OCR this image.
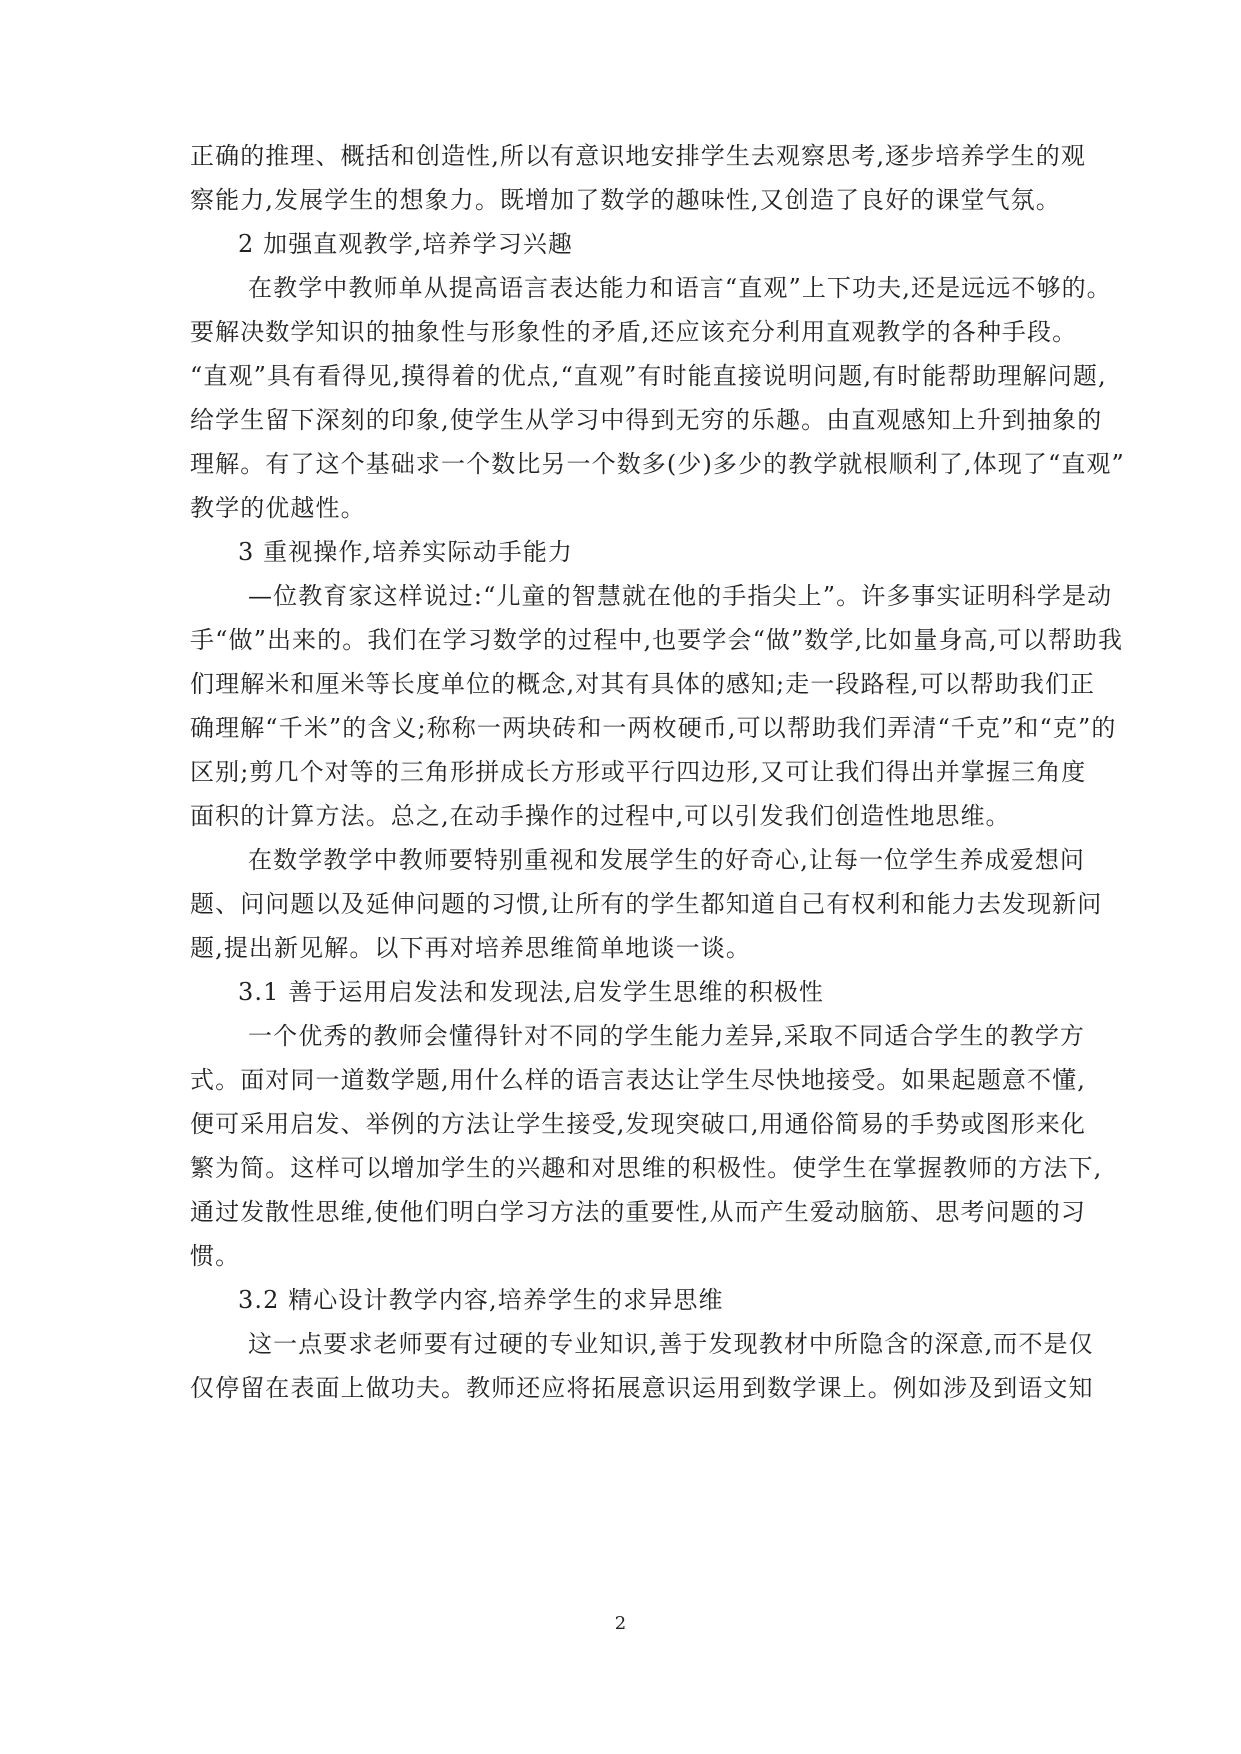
正确的推理、概括和创造性,所以有意识地安排学生去观察思考,逐步培养学生的观
察能力,发展学生的想象力。既增加了数学的趣味性,又创造了良好的课堂气氛。
2 加强直观教学,培养学习兴趣
在教学中教师单从提高语言表达能力和语言“直观”上下功夫,还是远远不够的。
要解决数学知识的抽象性与形象性的矛盾,还应该充分利用直观教学的各种手段。
“直观”具有看得见,摸得着的优点,“直观”有时能直接说明问题,有时能帮助理解问题,
给学生留下深刻的印象,使学生从学习中得到无穷的乐趣。由直观感知上升到抽象的
理解。有了这个基础求一个数比另一个数多(少)多少的教学就根顺利了,体现了“直观”
教学的优越性。
3 重视操作,培养实际动手能力
—位教育家这样说过:“儿童的智慧就在他的手指尖上”。许多事实证明科学是动
手“做”出来的。我们在学习数学的过程中,也要学会“做”数学,比如量身高,可以帮助我
们理解米和厘米等长度单位的概念,对其有具体的感知;走一段路程,可以帮助我们正
确理解“千米”的含义;称称一两块砖和一两枚硬币,可以帮助我们弄清“千克”和“克”的
区别;剪几个对等的三角形拼成长方形或平行四边形,又可让我们得出并掌握三角度
面积的计算方法。总之,在动手操作的过程中,可以引发我们创造性地思维。
在数学教学中教师要特别重视和发展学生的好奇心,让每一位学生养成爱想问
题、问问题以及延伸问题的习惯,让所有的学生都知道自己有权利和能力去发现新问
题,提出新见解。以下再对培养思维简单地谈一谈。
3.1 善于运用启发法和发现法,启发学生思维的积极性
一个优秀的教师会懂得针对不同的学生能力差异,采取不同适合学生的教学方
式。面对同一道数学题,用什么样的语言表达让学生尽快地接受。如果起题意不懂,
便可采用启发、举例的方法让学生接受,发现突破口,用通俗简易的手势或图形来化
繁为简。这样可以增加学生的兴趣和对思维的积极性。使学生在掌握教师的方法下,
通过发散性思维,使他们明白学习方法的重要性,从而产生爱动脑筋、思考问题的习
惯。
3.2 精心设计教学内容,培养学生的求异思维
这一点要求老师要有过硬的专业知识,善于发现教材中所隐含的深意,而不是仅
仅停留在表面上做功夫。教师还应将拓展意识运用到数学课上。例如涉及到语文知
2
